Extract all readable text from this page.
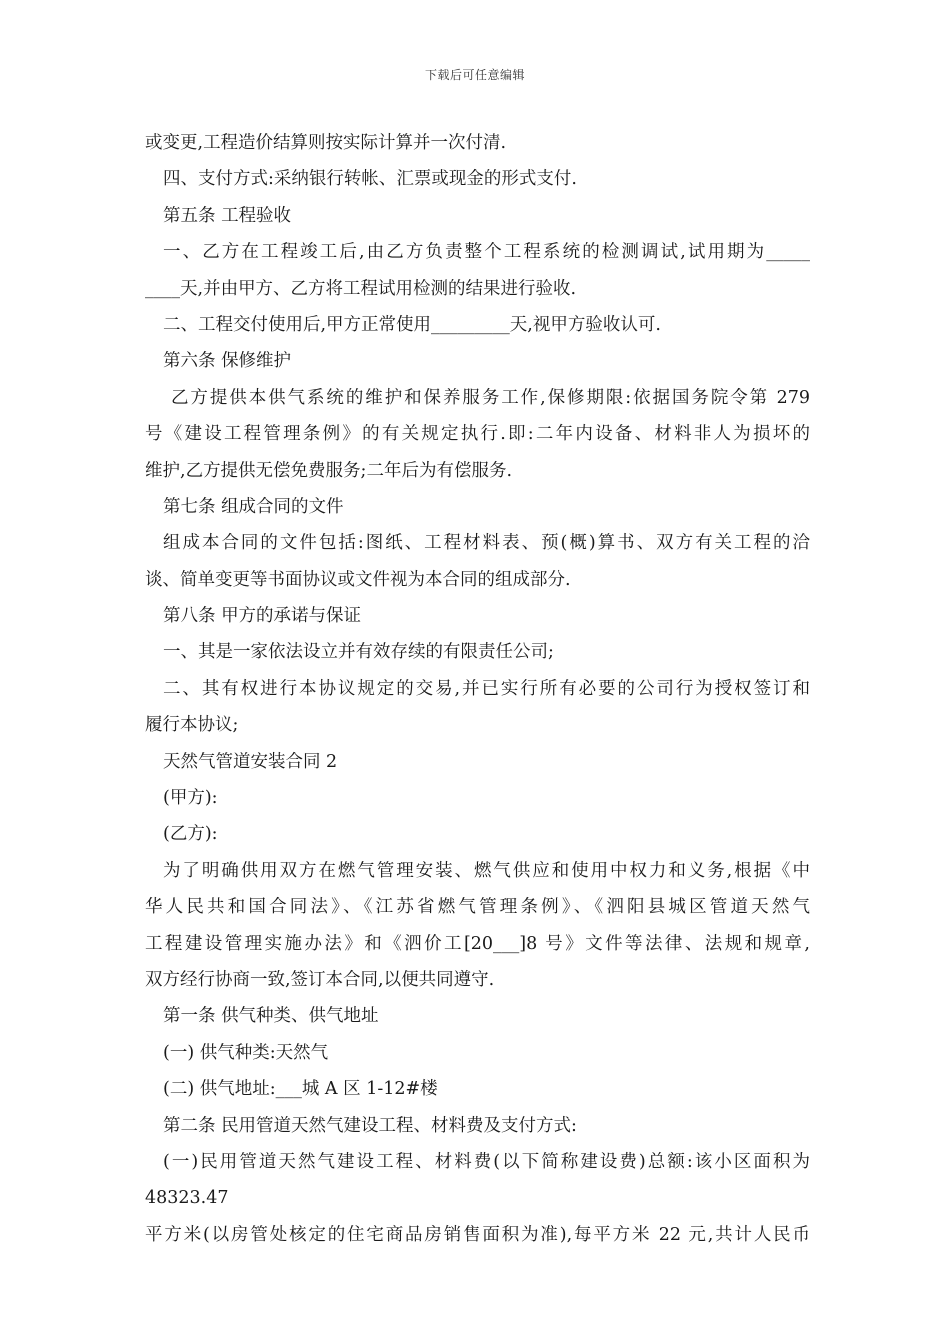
下载后可任意编辑
或变更,工程造价结算则按实际计算并一次付清.
四、支付方式:采纳银行转帐、汇票或现金的形式支付.
第五条 工程验收
一、乙方在工程竣工后,由乙方负责整个工程系统的检测调试,试用期为_____
____天,并由甲方、乙方将工程试用检测的结果进行验收.
二、工程交付使用后,甲方正常使用_________天,视甲方验收认可.
第六条 保修维护
乙方提供本供气系统的维护和保养服务工作,保修期限:依据国务院令第 279
号《建设工程管理条例》的有关规定执行.即:二年内设备、材料非人为损坏的
维护,乙方提供无偿免费服务;二年后为有偿服务.
第七条 组成合同的文件
组成本合同的文件包括:图纸、工程材料表、预(概)算书、双方有关工程的洽
谈、简单变更等书面协议或文件视为本合同的组成部分.
第八条 甲方的承诺与保证
一、其是一家依法设立并有效存续的有限责任公司;
二、其有权进行本协议规定的交易,并已实行所有必要的公司行为授权签订和
履行本协议;
天然气管道安装合同 2
(甲方):
(乙方):
为了明确供用双方在燃气管理安装、燃气供应和使用中权力和义务,根据《中
华人民共和国合同法》、《江苏省燃气管理条例》、《泗阳县城区管道天然气
工程建设管理实施办法》和《泗价工[20___]8 号》文件等法律、法规和规章,
双方经行协商一致,签订本合同,以便共同遵守.
第一条 供气种类、供气地址
(一) 供气种类:天然气
(二) 供气地址:___城 A 区 1-12#楼
第二条 民用管道天然气建设工程、材料费及支付方式:
(一)民用管道天然气建设工程、材料费(以下简称建设费)总额:该小区面积为
48323.47
平方米(以房管处核定的住宅商品房销售面积为准),每平方米 22 元,共计人民币
